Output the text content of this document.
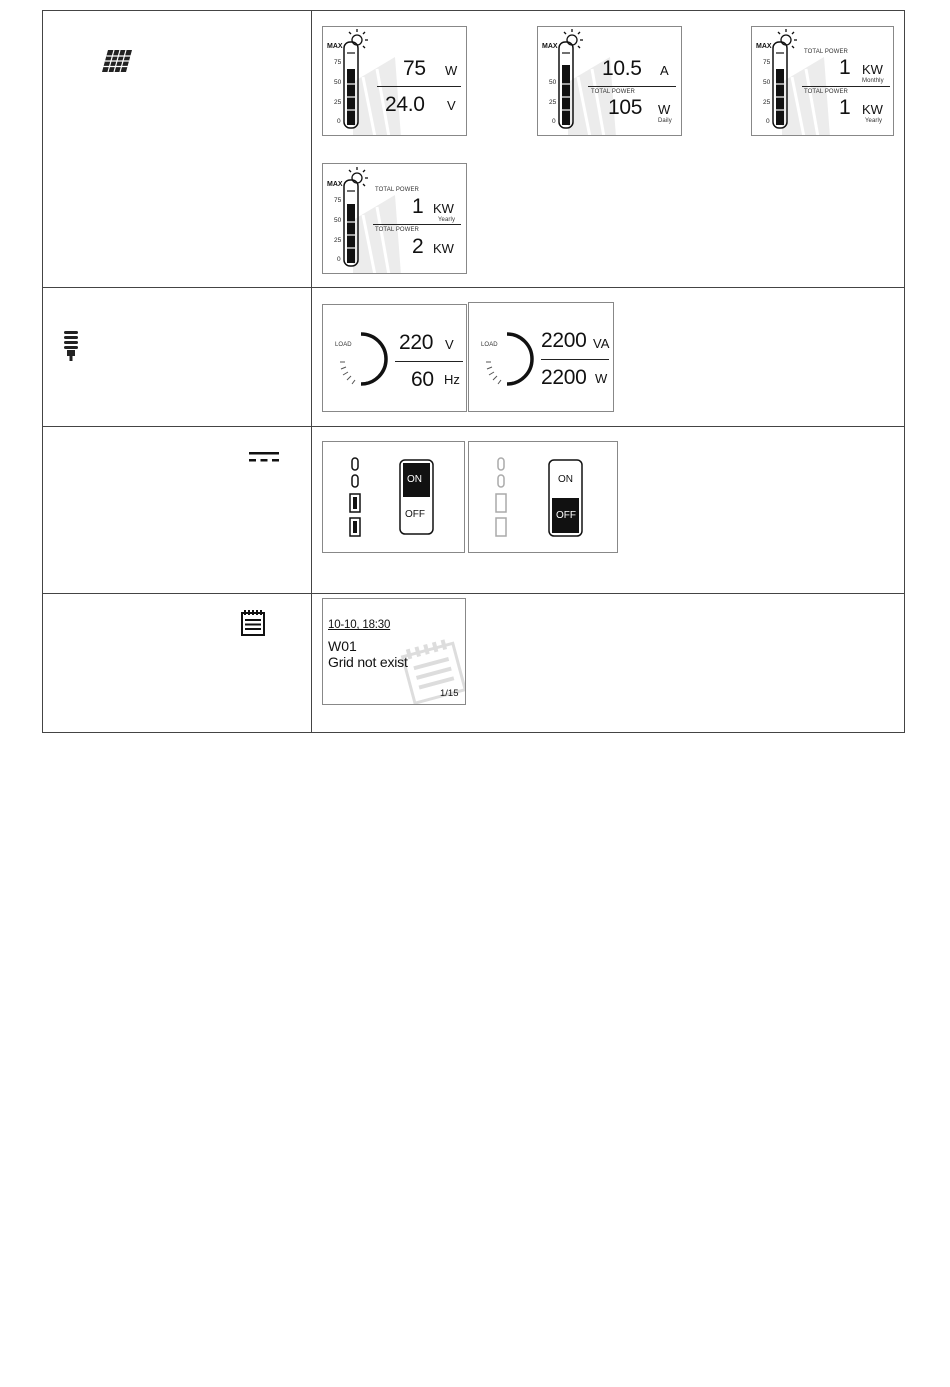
MAX
75
50
25
0
75 W
24.0 V
MAX
50
25
0
10.5 A
TOTAL POWER
105 W
Daily
MAX
75
50
25
0
TOTAL POWER
1 KW
Monthly
TOTAL POWER
1 KW
Yearly
MAX
75
50
25
0
TOTAL POWER
1 KW
Yearly
TOTAL POWER
2 KW
LOAD 220 V
60 Hz
LOAD 2200 VA
2200 W
ON
OFF
ON
OFF
10-10, 18:30
W01
Grid not exist
1/15
